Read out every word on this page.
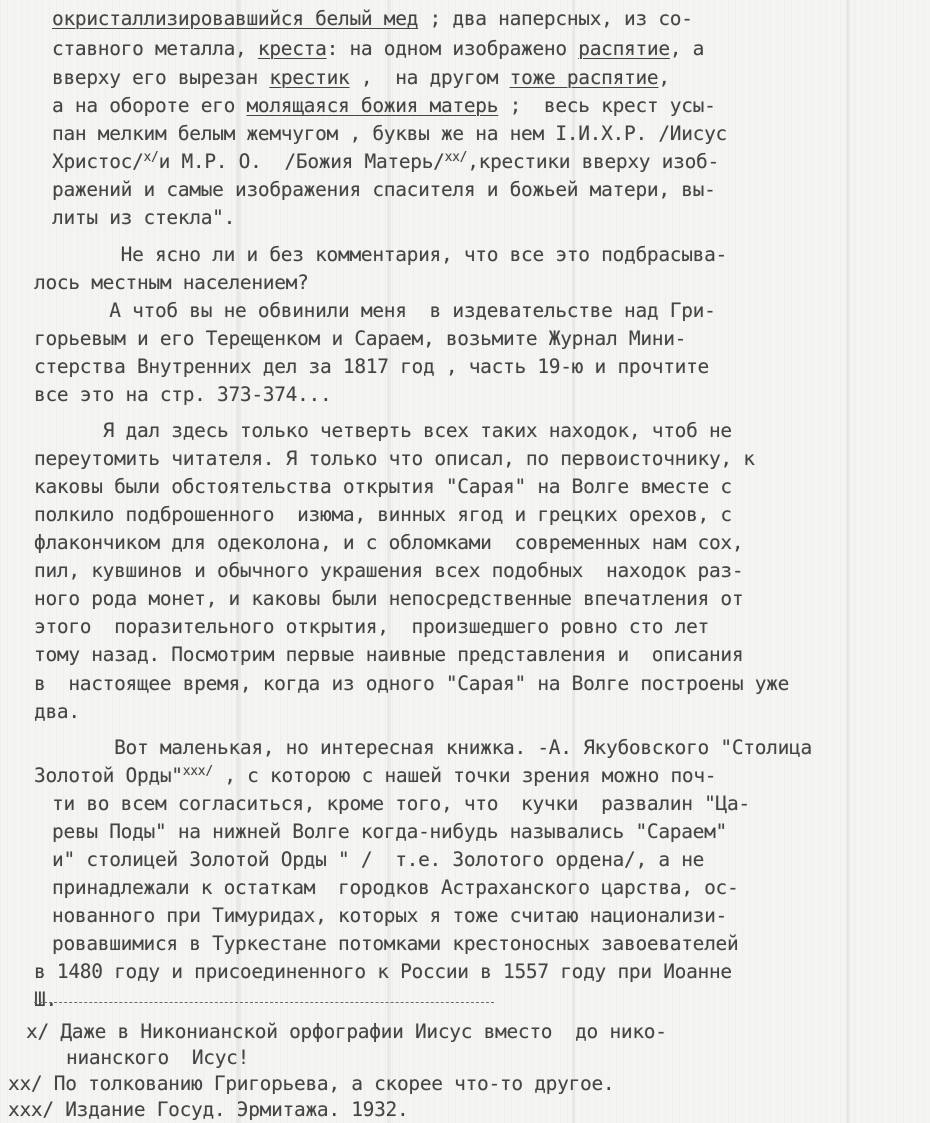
окристаллизировавшийся белый мед ; два наперсных, из со-
ставного металла, креста: на одном изображено распятие, а
вверху его вырезан крестик ,  на другом тоже распятие,
а на обороте его молящаяся божия матерь ;  весь крест усы-
пан мелким белым жемчугом , буквы же на нем І.И.Х.Р. /Иисус
Христос/$^{х/}$и М.Р. О.  /Божия Матерь/$^{хх/}$,крестики вверху изоб-
ражений и самые изображения спасителя и божьей матери, вы-
литы из стекла".
Не ясно ли и без комментария, что все это подбрасыва-
лось местным населением?
А чтоб вы не обвинили меня  в издевательстве над Гри-
горьевым и его Терещенком и Сараем, возьмите Журнал Мини-
стерства Внутренних дел за 1817 год , часть 19-ю и прочтите
все это на стр. 373-374...
Я дал здесь только четверть всех таких находок, чтоб не
переутомить читателя. Я только что описал, по первоисточнику, к
каковы были обстоятельства открытия "Сарая" на Волге вместе с
полкило подброшенного  изюма, винных ягод и грецких орехов, с
флакончиком для одеколона, и с обломками  современных нам сох,
пил, кувшинов и обычного украшения всех подобных  находок раз-
ного рода монет, и каковы были непосредственные впечатления от
этого  поразительного открытия,  произшедшего ровно сто лет
тому назад. Посмотрим первые наивные представления и  описания
в  настоящее время, когда из одного "Сарая" на Волге построены уже
два.
Вот маленькая, но интересная книжка. -А. Якубовского "Столица
Золотой Орды"$^{ххх/}$ , с которою с нашей точки зрения можно поч-
ти во всем согласиться, кроме того, что  кучки  развалин "Ца-
ревы Поды" на нижней Волге когда-нибудь назывались "Сараем"
и" столицей Золотой Орды " /  т.е. Золотого ордена/, а не
принадлежали к остаткам  городков Астраханского царства, ос-
нованного при Тимуридах, которых я тоже считаю национализи-
ровавшимися в Туркестане потомками крестоносных завоевателей
в 1480 году и присоединенного к России в 1557 году при Иоанне
Ш.
х/ Даже в Никонианской орфографии Иисус вместо  до нико-
нианского  Исус!
хх/ По толкованию Григорьева, а скорее что-то другое.
ххх/ Издание Госуд. Эрмитажа. 1932.
